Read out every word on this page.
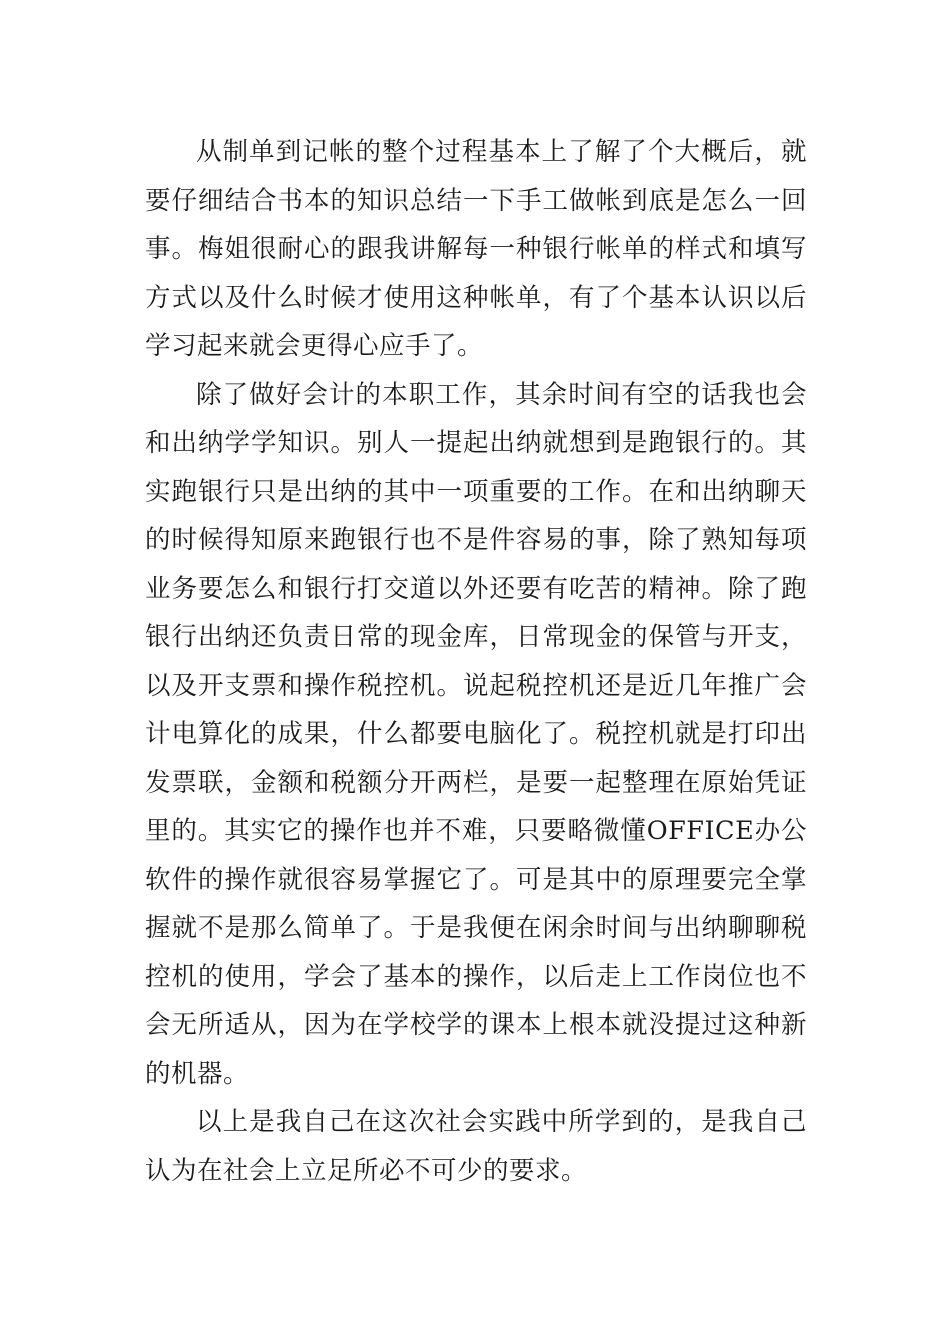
从制单到记帐的整个过程基本上了解了个大概后，就要仔细结合书本的知识总结一下手工做帐到底是怎么一回事。梅姐很耐心的跟我讲解每一种银行帐单的样式和填写方式以及什么时候才使用这种帐单，有了个基本认识以后学习起来就会更得心应手了。

除了做好会计的本职工作，其余时间有空的话我也会和出纳学学知识。别人一提起出纳就想到是跑银行的。其实跑银行只是出纳的其中一项重要的工作。在和出纳聊天的时候得知原来跑银行也不是件容易的事，除了熟知每项业务要怎么和银行打交道以外还要有吃苦的精神。除了跑银行出纳还负责日常的现金库，日常现金的保管与开支，以及开支票和操作税控机。说起税控机还是近几年推广会计电算化的成果，什么都要电脑化了。税控机就是打印出发票联，金额和税额分开两栏，是要一起整理在原始凭证里的。其实它的操作也并不难，只要略微懂OFFICE办公软件的操作就很容易掌握它了。可是其中的原理要完全掌握就不是那么简单了。于是我便在闲余时间与出纳聊聊税控机的使用，学会了基本的操作，以后走上工作岗位也不会无所适从，因为在学校学的课本上根本就没提过这种新的机器。

以上是我自己在这次社会实践中所学到的，是我自己认为在社会上立足所必不可少的要求。
